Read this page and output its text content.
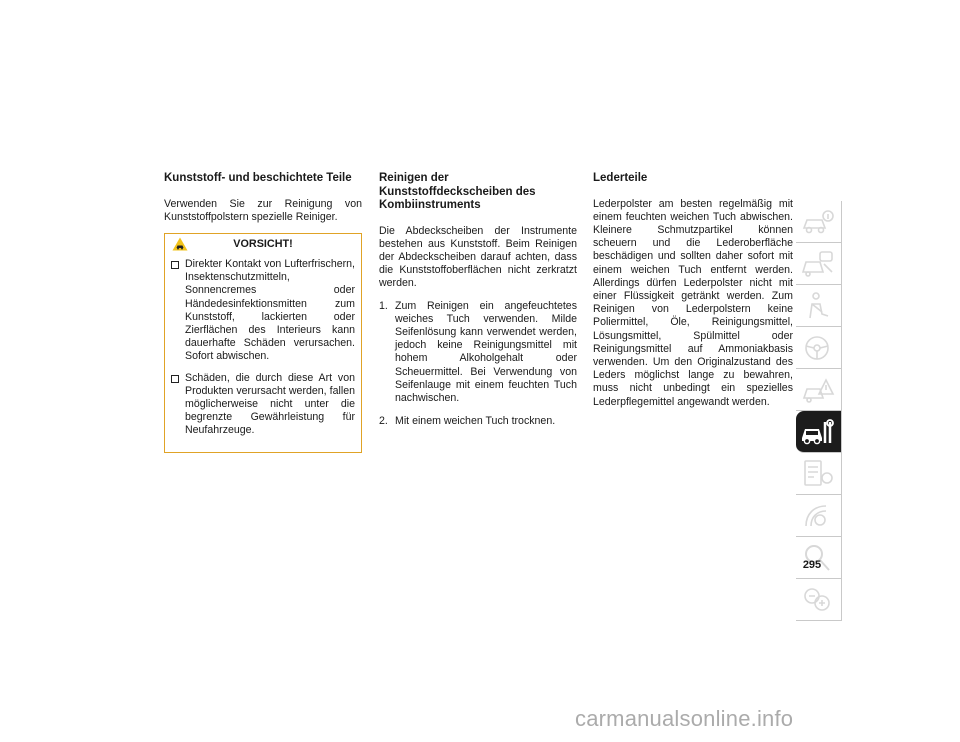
Kunststoff- und beschichtete Teile

Verwenden Sie zur Reinigung von Kunststoffpolstern spezielle Reiniger.

VORSICHT!
Direkter Kontakt von Lufterfrischern, Insektenschutzmitteln, Sonnencremes oder Händedesinfektionsmitten zum Kunststoff, lackierten oder Zierflächen des Interieurs kann dauerhafte Schäden verursachen. Sofort abwischen.
Schäden, die durch diese Art von Produkten verursacht werden, fallen möglicherweise nicht unter die begrenzte Gewährleistung für Neufahrzeuge.
Reinigen der Kunststoffdeckscheiben des Kombiinstruments

Die Abdeckscheiben der Instrumente bestehen aus Kunststoff. Beim Reinigen der Abdeckscheiben darauf achten, dass die Kunststoffoberflächen nicht zerkratzt werden.

1. Zum Reinigen ein angefeuchtetes weiches Tuch verwenden. Milde Seifenlösung kann verwendet werden, jedoch keine Reinigungsmittel mit hohem Alkoholgehalt oder Scheuermittel. Bei Verwendung von Seifenlauge mit einem feuchten Tuch nachwischen.
2. Mit einem weichen Tuch trocknen.
Lederteile

Lederpolster am besten regelmäßig mit einem feuchten weichen Tuch abwischen. Kleinere Schmutzpartikel können scheuern und die Lederoberfläche beschädigen und sollten daher sofort mit einem weichen Tuch entfernt werden. Allerdings dürfen Lederpolster nicht mit einer Flüssigkeit getränkt werden. Zum Reinigen von Lederpolstern keine Poliermittel, Öle, Reinigungsmittel, Lösungsmittel, Spülmittel oder Reinigungsmittel auf Ammoniakbasis verwenden. Um den Originalzustand des Leders möglichst lange zu bewahren, muss nicht unbedingt ein spezielles Lederpflegemittel angewandt werden.

295
carmanualsonline.info
